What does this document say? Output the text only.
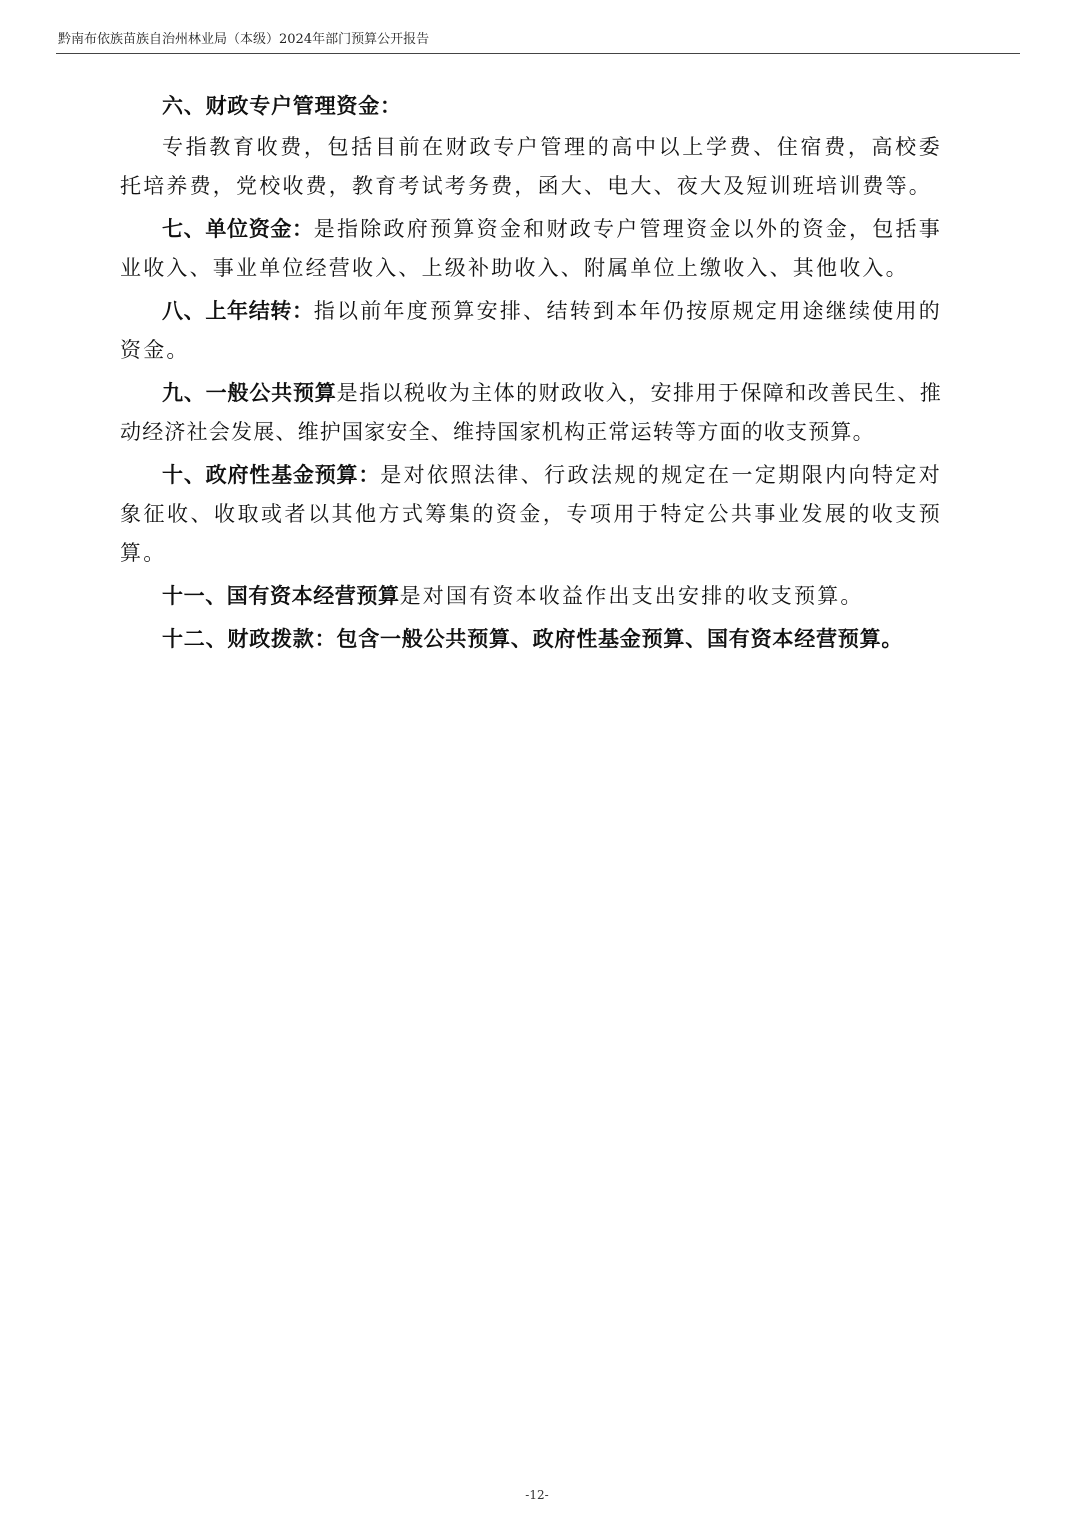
黔南布依族苗族自治州林业局（本级）2024年部门预算公开报告

六、财政专户管理资金：

专指教育收费，包括目前在财政专户管理的高中以上学费、住宿费，高校委托培养费，党校收费，教育考试考务费，函大、电大、夜大及短训班培训费等。

七、单位资金：是指除政府预算资金和财政专户管理资金以外的资金，包括事业收入、事业单位经营收入、上级补助收入、附属单位上缴收入、其他收入。

八、上年结转：指以前年度预算安排、结转到本年仍按原规定用途继续使用的资金。

九、一般公共预算是指以税收为主体的财政收入，安排用于保障和改善民生、推动经济社会发展、维护国家安全、维持国家机构正常运转等方面的收支预算。

十、政府性基金预算：是对依照法律、行政法规的规定在一定期限内向特定对象征收、收取或者以其他方式筹集的资金，专项用于特定公共事业发展的收支预算。

十一、国有资本经营预算是对国有资本收益作出支出安排的收支预算。

十二、财政拨款：包含一般公共预算、政府性基金预算、国有资本经营预算。

-12-
